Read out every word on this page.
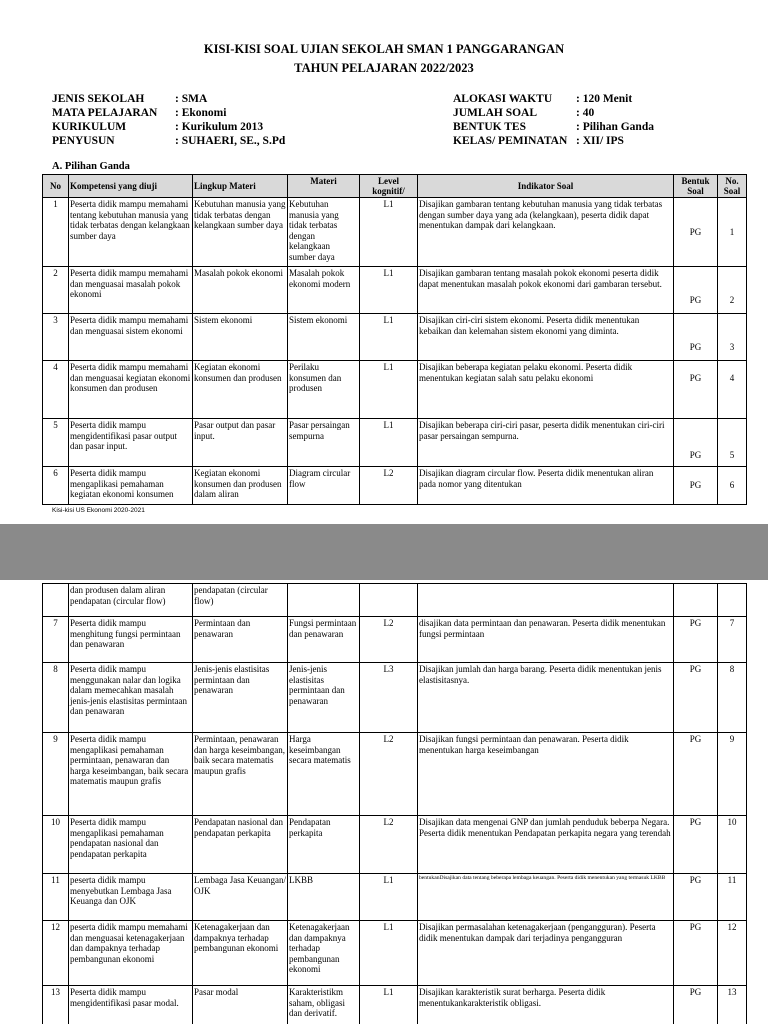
KISI-KISI SOAL UJIAN SEKOLAH SMAN 1 PANGGARANGAN
TAHUN PELAJARAN 2022/2023
JENIS SEKOLAH	: SMA
MATA PELAJARAN : Ekonomi
KURIKULUM	: Kurikulum 2013
PENYUSUN	: SUHAERI, SE., S.Pd
ALOKASI WAKTU : 120 Menit
JUMLAH SOAL	: 40
BENTUK TES	: Pilihan Ganda
KELAS/ PEMINATAN : XII/ IPS
A. Pilihan Ganda
No	Kompetensi yang diuji	Lingkup Materi	Materi	Level kognitif/	Indikator Soal	Bentuk Soal	No. Soal
1	Peserta didik mampu memahami tentang kebutuhan manusia yang tidak terbatas dengan kelangkaan sumber daya	Kebutuhan manusia yang tidak terbatas dengan kelangkaan sumber daya	Kebutuhan manusia yang tidak terbatas dengan kelangkaan sumber daya	L1	Disajikan gambaran tentang kebutuhan manusia yang tidak terbatas dengan sumber daya yang ada (kelangkaan), peserta didik dapat menentukan dampak dari kelangkaan.	PG	1
2	Peserta didik mampu memahami dan menguasai masalah pokok ekonomi	Masalah pokok ekonomi	Masalah pokok ekonomi modern	L1	Disajikan gambaran tentang masalah pokok ekonomi peserta didik dapat menentukan masalah pokok ekonomi dari gambaran tersebut.	PG	2
3	Peserta didik mampu memahami dan menguasai sistem ekonomi	Sistem ekonomi	Sistem ekonomi	L1	Disajikan ciri-ciri sistem ekonomi. Peserta didik menentukan kebaikan dan kelemahan sistem ekonomi yang diminta.	PG	3
4	Peserta didik mampu memahami dan menguasai kegiatan ekonomi konsumen dan produsen	Kegiatan ekonomi konsumen dan produsen	Perilaku konsumen dan produsen	L1	Disajikan beberapa kegiatan pelaku ekonomi. Peserta didik menentukan kegiatan salah satu pelaku ekonomi	PG	4
5	Peserta didik mampu mengidentifikasi pasar output dan pasar input.	Pasar output dan pasar input.	Pasar persaingan sempurna	L1	Disajikan beberapa ciri-ciri pasar, peserta didik menentukan ciri-ciri pasar persaingan sempurna.	PG	5
6	Peserta didik mampu mengaplikasi pemahaman kegiatan ekonomi konsumen	Kegiatan ekonomi konsumen dan produsen dalam aliran	Diagram circular flow	L2	Disajikan diagram circular flow. Peserta didik menentukan aliran pada nomor yang ditentukan	PG	6
Kisi-kisi US Ekonomi 2020-2021
	dan produsen dalam aliran pendapatan (circular flow)	pendapatan (circular flow)					
7	Peserta didik mampu menghitung fungsi permintaan dan penawaran	Permintaan dan penawaran	Fungsi permintaan dan penawaran	L2	disajikan data permintaan dan penawaran. Peserta didik menentukan fungsi permintaan	PG	7
8	Peserta didik mampu menggunakan nalar dan logika dalam memecahkan masalah jenis-jenis elastisitas permintaan dan penawaran	Jenis-jenis elastisitas permintaan dan penawaran	Jenis-jenis elastisitas permintaan dan penawaran	L3	Disajikan jumlah dan harga barang. Peserta didik menentukan jenis elastisitasnya.	PG	8
9	Peserta didik mampu mengaplikasi pemahaman permintaan, penawaran dan harga keseimbangan, baik secara matematis maupun grafis	Permintaan, penawaran dan harga keseimbangan, baik secara matematis maupun grafis	Harga keseimbangan secara matematis	L2	Disajikan fungsi permintaan dan penawaran. Peserta didik menentukan harga keseimbangan	PG	9
10	Peserta didik mampu mengaplikasi pemahaman pendapatan nasional dan pendapatan perkapita	Pendapatan nasional dan pendapatan perkapita	Pendapatan perkapita	L2	Disajikan data mengenai GNP dan jumlah penduduk beberpa Negara. Peserta didik menentukan Pendapatan perkapita negara yang terendah	PG	10
11	peserta didik mampu menyebutkan Lembaga Jasa Keuanga dan OJK	Lembaga Jasa Keuangan/ OJK	LKBB	L1	bentukanDisajikan data tentang beberapa lembaga keuangan. Peserta didik menentukan yang termasuk LKBB	PG	11
12	peserta didik mampu memahami dan menguasai ketenagakerjaan dan dampaknya terhadap pembangunan ekonomi	Ketenagakerjaan dan dampaknya terhadap pembangunan ekonomi	Ketenagakerjaan dan dampaknya terhadap pembangunan ekonomi	L1	Disajikan permasalahan ketenagakerjaan (pengangguran). Peserta didik menentukan dampak dari terjadinya pengangguran	PG	12
13	Peserta didik mampu mengidentifikasi pasar modal.	Pasar modal	Karakteristikm saham, obligasi dan derivatif.	L1	Disajikan karakteristik surat berharga. Peserta didik menentukankarakteristik obligasi.	PG	13
